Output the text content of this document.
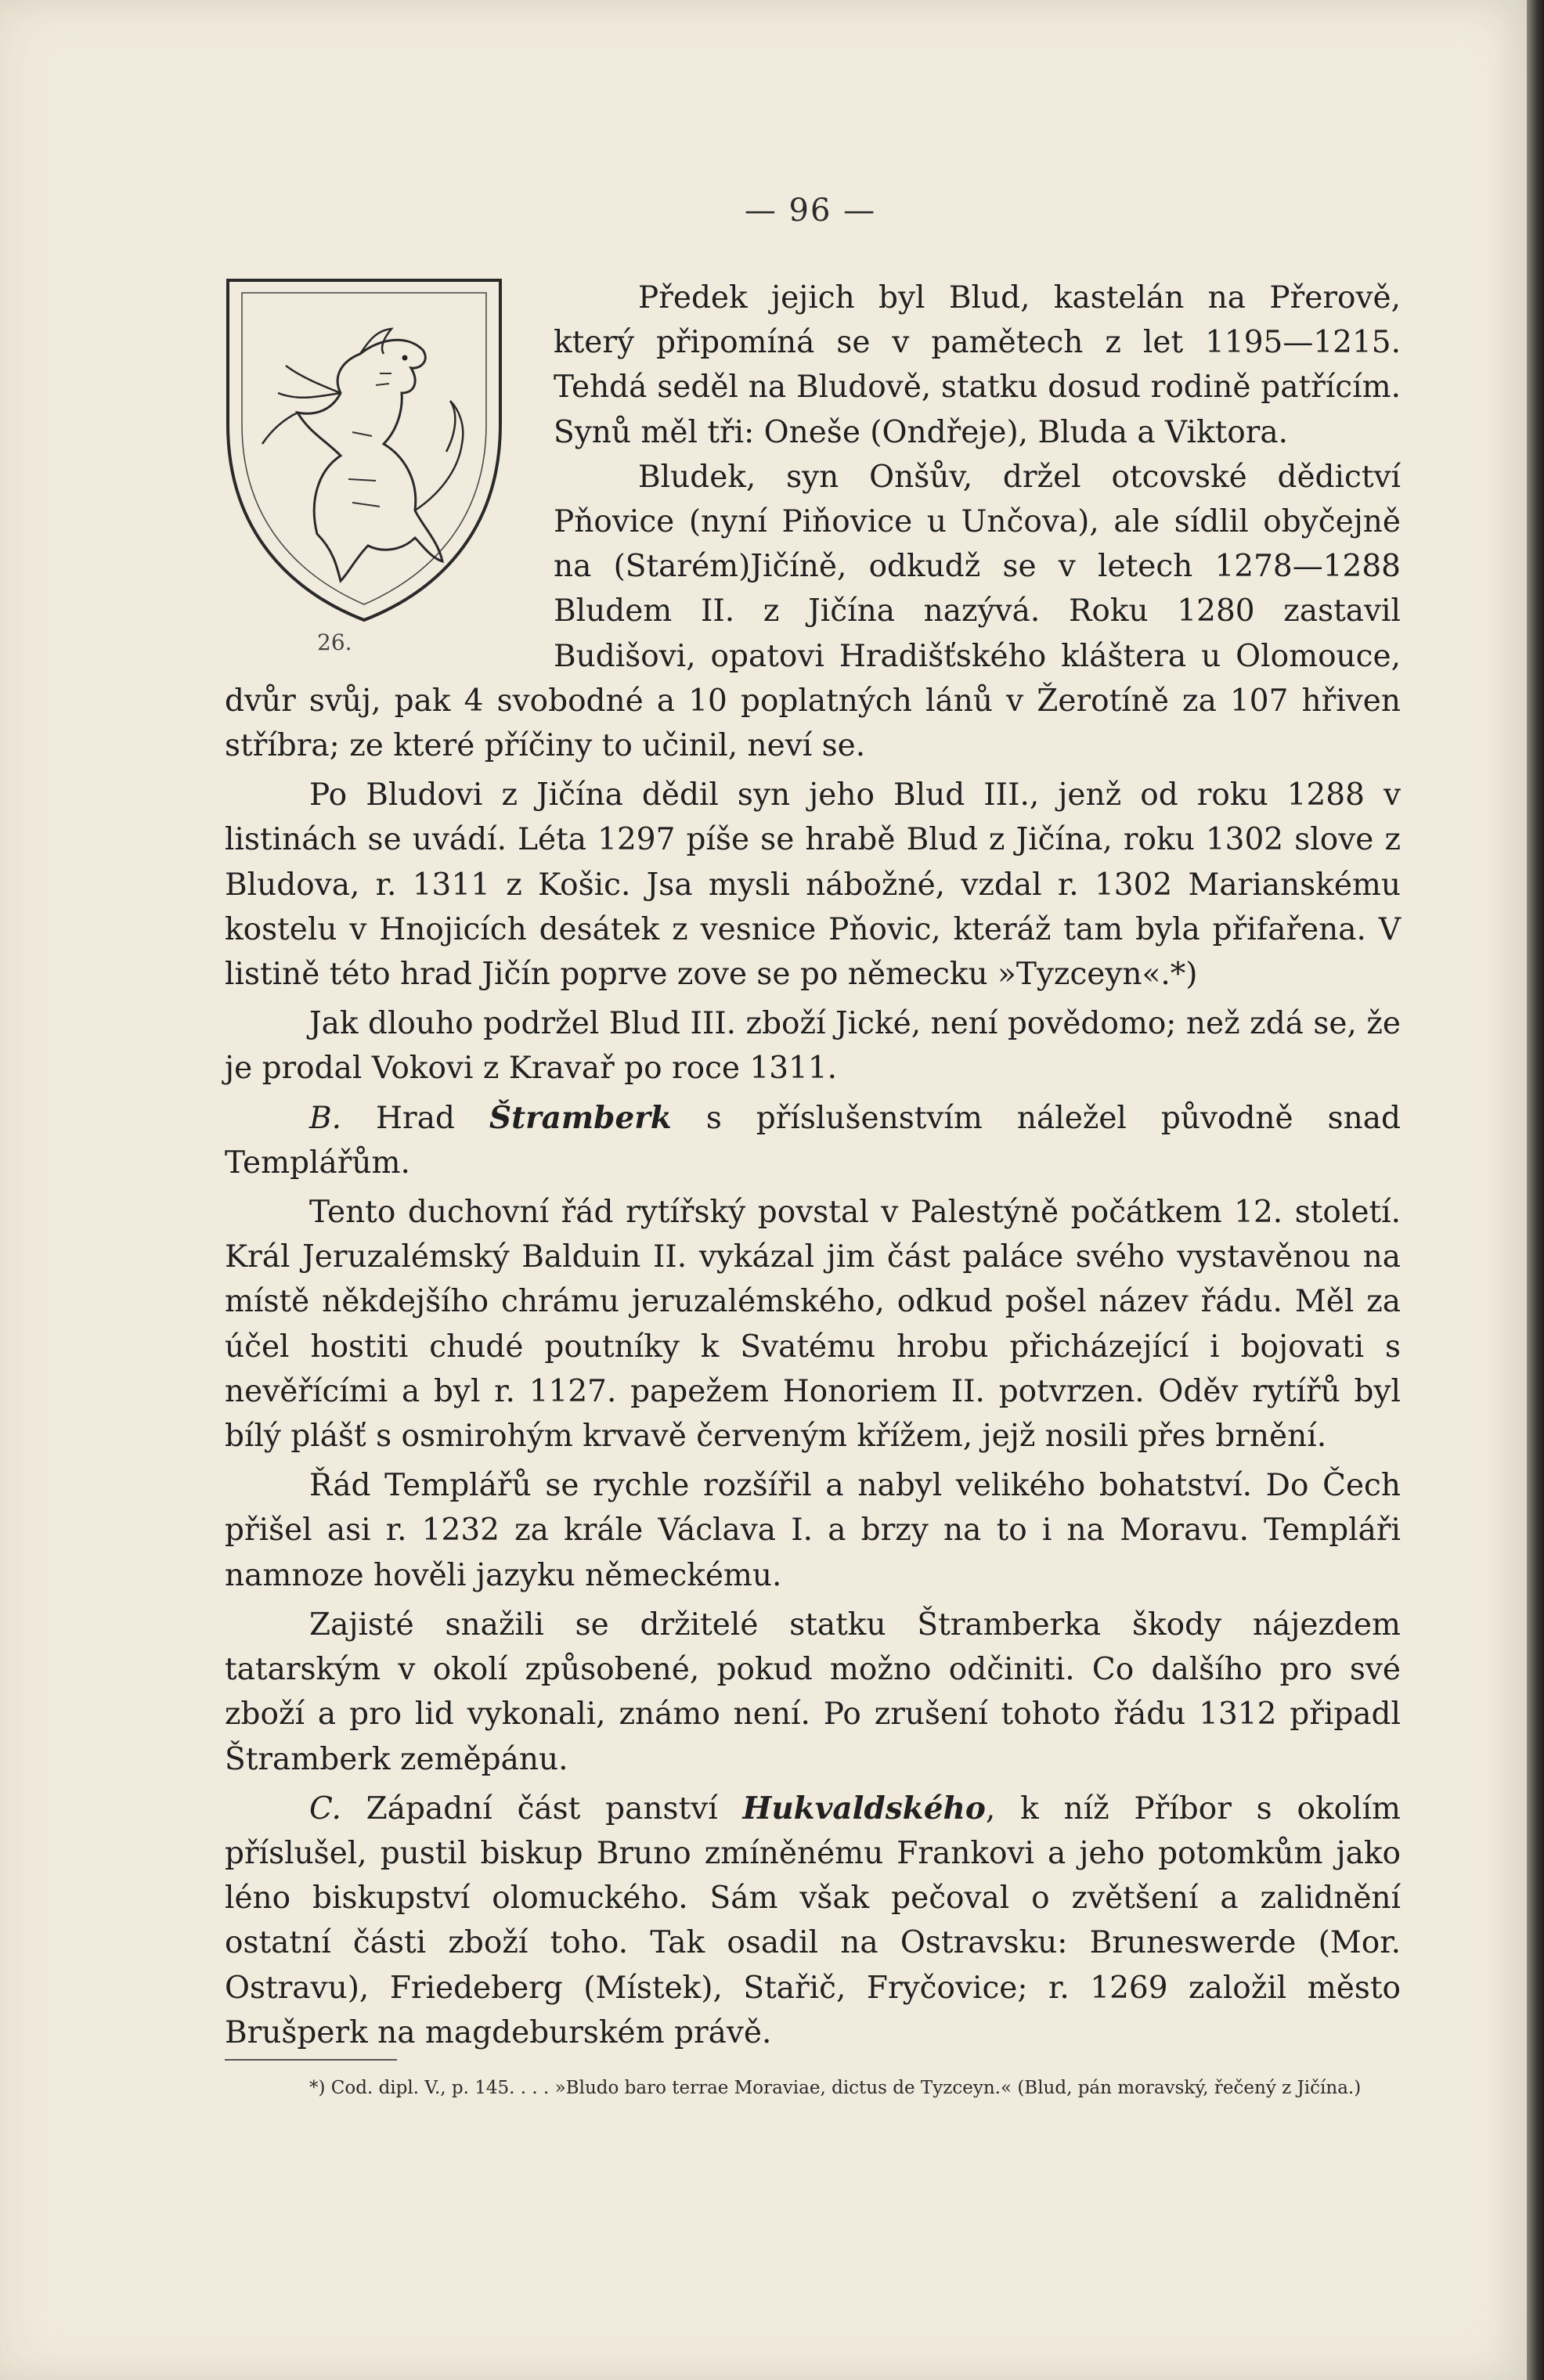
— 96 —
26.

Předek jejich byl Blud, kastelán na Přerově, který připomíná se v pamětech z let 1195—1215. Tehdá seděl na Bludově, statku dosud rodině patřícím. Synů měl tři: Oneše (Ondřeje), Bluda a Viktora.

Bludek, syn Onšův, držel otcovské dědictví Pňovice (nyní Piňovice u Unčova), ale sídlil obyčejně na (Starém)Jičíně, odkudž se v letech 1278—1288 Bludem II. z Jičína nazývá. Roku 1280 zastavil Budišovi, opatovi Hradišťského kláštera u Olomouce, dvůr svůj, pak 4 svobodné a 10 poplatných lánů v Žerotíně za 107 hřiven stříbra; ze které příčiny to učinil, neví se.

Po Bludovi z Jičína dědil syn jeho Blud III., jenž od roku 1288 v listinách se uvádí. Léta 1297 píše se hrabě Blud z Jičína, roku 1302 slove z Bludova, r. 1311 z Košic. Jsa mysli nábožné, vzdal r. 1302 Marianskému kostelu v Hnojicích desátek z vesnice Pňovic, kteráž tam byla přifařena. V listině této hrad Jičín poprve zove se po německu »Tyzceyn«.*)

Jak dlouho podržel Blud III. zboží Jické, není povědomo; než zdá se, že je prodal Vokovi z Kravař po roce 1311.

B. Hrad Štramberk s příslušenstvím náležel původně snad Templářům.

Tento duchovní řád rytířský povstal v Palestýně počátkem 12. století. Král Jeruzalémský Balduin II. vykázal jim část paláce svého vystavěnou na místě někdejšího chrámu jeruzalémského, odkud pošel název řádu. Měl za účel hostiti chudé poutníky k Svatému hrobu přicházející i bojovati s nevěřícími a byl r. 1127. papežem Honoriem II. potvrzen. Oděv rytířů byl bílý plášť s osmirohým krvavě červeným křížem, jejž nosili přes brnění.

Řád Templářů se rychle rozšířil a nabyl velikého bohatství. Do Čech přišel asi r. 1232 za krále Václava I. a brzy na to i na Moravu. Templáři namnoze hověli jazyku německému.

Zajisté snažili se držitelé statku Štramberka škody nájezdem tatarským v okolí způsobené, pokud možno odčiniti. Co dalšího pro své zboží a pro lid vykonali, známo není. Po zrušení tohoto řádu 1312 připadl Štramberk zeměpánu.

C. Západní část panství Hukvaldského, k níž Příbor s okolím příslušel, pustil biskup Bruno zmíněnému Frankovi a jeho potomkům jako léno biskupství olomuckého. Sám však pečoval o zvětšení a zalidnění ostatní části zboží toho. Tak osadil na Ostravsku: Bruneswerde (Mor. Ostravu), Friedeberg (Místek), Stařič, Fryčovice; r. 1269 založil město Brušperk na magdeburském právě.

*) Cod. dipl. V., p. 145. . . . »Bludo baro terrae Moraviae, dictus de Tyzceyn.« (Blud, pán moravský, řečený z Jičína.)
